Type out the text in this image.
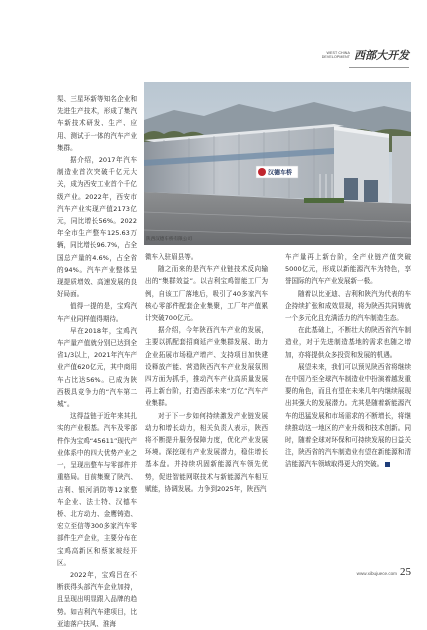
WEST CHINA
DEVELOPMENT 西部大开发
汉德车桥
陕西汉德车桥有限公司

渠、三星环新等知名企业和先进生产技术，形成了集汽车新技术研发、生产、应用、测试于一体的汽车产业集群。

据介绍，2017年汽车制造业首次突破千亿元大关，成为西安工业首个千亿级产业。2022年，西安市汽车产业实现产值2173亿元，同比增长56%。2022年全市生产整车125.63万辆，同比增长96.7%，占全国总产量的4.6%，占全省的94%。汽车产业整体呈现提质增效、高速发展的良好局面。

值得一提的是，宝鸡汽车产业同样值得期待。

早在2018年，宝鸡汽车产量产值就分别已达到全省1/3以上，2021年汽车产业产值620亿元，其中商用车占比达56%。已成为陕西极具竞争力的“汽车第二城”。

这得益链于近年来其扎实的产业根基。汽车及零部件作为宝鸡“45611”现代产业体系中的四大优势产业之一，呈现出整车与零部件并重格局。目前集聚了陕汽、吉利、银河消防等12家整车企业、法士特、汉德车桥、北方动力、金鹰铸造、宏立至信等300多家汽车零部件生产企业，主要分布在宝鸡高新区和蔡家坡经开区。

2022年，宝鸡吕在不断获得头部汽车企业加持，且呈现出明显跟入品牌的趋势。如吉利汽车建项目，比亚迪落户扶风、淮海

微车入驻眉县等。

随之而来的是汽车产业链技术反向输出的“集群效益”。以吉利宝鸡智能工厂为例，自该工厂落地后，吸引了40多家汽车核心零部件配套企业集聚，工厂年产值累计突破700亿元。

据介绍，今年陕西汽车产业的发展，主要以抓配套招商延产业集群发展、助力企业拓展市场稳产增产、支持项目加快建设释放产能、营造陕西汽车产业发展氛围四方面为抓手，推动汽车产业高质量发展再上新台阶，打造西部未来“万亿”汽车产业集群。

对于下一步如何持续激发产业链发展动力和增长动力，相关负责人表示，陕西将不断提升服务保障力度，优化产业发展环境。深挖现有产业发展潜力，稳住增长基本盘。并持续巩固新能源汽车领先优势，促进智能网联技术与新能源汽车相互赋能，协调发展。力争到2025年，陕西汽

车产量再上新台阶，全产业链产值突破5000亿元，形成以新能源汽车为特色，享誉国际的汽车产业发展新一极。

随着以比亚迪、吉利和陕汽为代表的车企持续扩张和成效显现，将为陕西共同铸就一个多元化且充满活力的汽车制造生态。

在此基础上，不断壮大的陕西省汽车制造业，对于先进制造基地的需求也随之增加，亦将提供众多投资和发展的机遇。

展望未来，我们可以预见陕西省将继续在中国乃至全球汽车制造业中扮演着越发重要的角色，而且有望在未来几年内继续展现出其强大的发展潜力。尤其是随着新能源汽车的迅猛发展和市场需求的不断增长，将继续推动这一地区的产业升级和技术创新。同时，随着全球对环保和可持续发展的日益关注，陕西省的汽车制造业有望在新能源和清洁能源汽车领域取得更大的突破。

www.xibujuece.com 25
